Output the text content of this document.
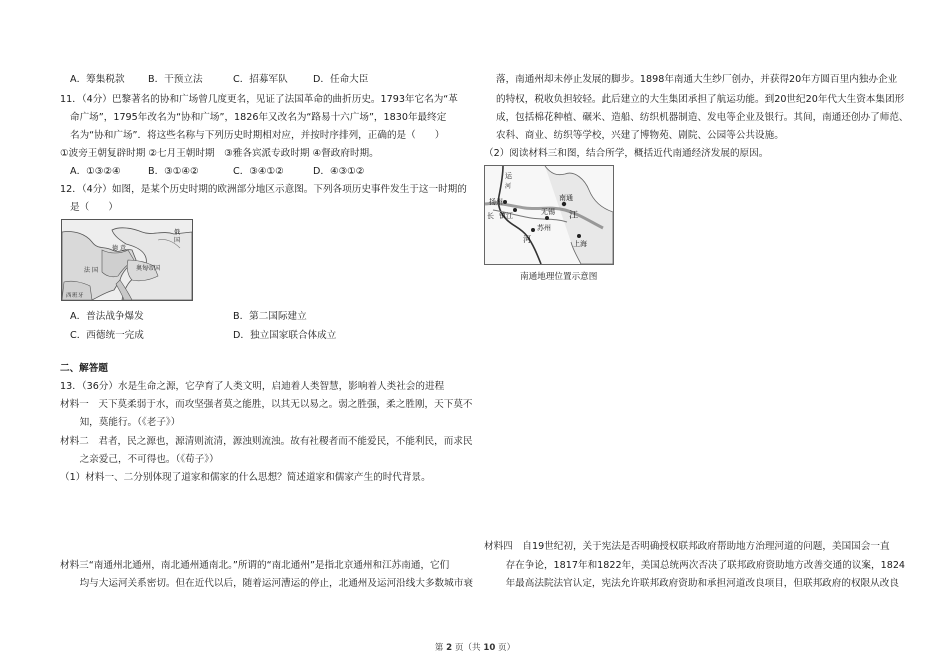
A．筹集税款 B．干预立法	C．招募军队	D．任命大臣
11．（4分）巴黎著名的协和广场曾几度更名，见证了法国革命的曲折历史。1793年它名为“革
命广场”，1795年改名为“协和广场”，1826年又改名为“路易十六广场”，1830年最终定
名为“协和广场”．将这些名称与下列历史时期相对应，并按时序排列，正确的是（　　）
①波旁王朝复辟时期 ②七月王朝时期　③雅各宾派专政时期 ④督政府时期。
A．①③②④	B．③①④②	C．③④①②	D．④③①②
12．（4分）如图，是某个历史时期的欧洲部分地区示意图。下列各项历史事件发生于这一时期的
是（　　）
俄
国
德 意
奥 匈 帝 国
法 国
西 班 牙
A．普法战争爆发	B．第二国际建立
C．西德统一完成	D．独立国家联合体成立
二、解答题
13．（36分）水是生命之源，它孕育了人类文明，启迪着人类智慧，影响着人类社会的进程
材料一　天下莫柔弱于水，而攻坚强者莫之能胜，以其无以易之。弱之胜强，柔之胜刚，天下莫不
　知，莫能行。（《老子》）
材料二　君者，民之源也，源清则流清，源浊则流浊。故有社稷者而不能爱民，不能利民，而求民
　之亲爱己，不可得也。（《荀子》）
（1）材料一、二分别体现了道家和儒家的什么思想？简述道家和儒家产生的时代背景。
材料三“南通州北通州，南北通州通南北。”所谓的“南北通州”是指北京通州和江苏南通，它们
　均与大运河关系密切。但在近代以后，随着运河漕运的停止，北通州及运河沿线大多数城市衰
落，南通州却未停止发展的脚步。1898年南通大生纱厂创办，并获得20年方圆百里内独办企业
的特权，税收负担较轻。此后建立的大生集团承担了航运功能。到20世纪20年代大生资本集团形
成，包括棉花种植、碾米、造船、纺织机器制造、发电等企业及银行。其间，南通还创办了师范、
农科、商业、纺织等学校，兴建了博物苑、剧院、公园等公共设施。
（2）阅读材料三和图，结合所学，概括近代南通经济发展的原因。
运
河
扬州
长 镇江
南通
无锡 江
苏州
河	上海
南通地理位置示意图
材料四　自19世纪初，关于宪法是否明确授权联邦政府帮助地方治理河道的问题，美国国会一直
　存在争论，1817年和1822年，美国总统两次否决了联邦政府资助地方改善交通的议案，1824
　年最高法院法官认定，宪法允许联邦政府资助和承担河道改良项目，但联邦政府的权限从改良
第 2 页（共 10 页）
